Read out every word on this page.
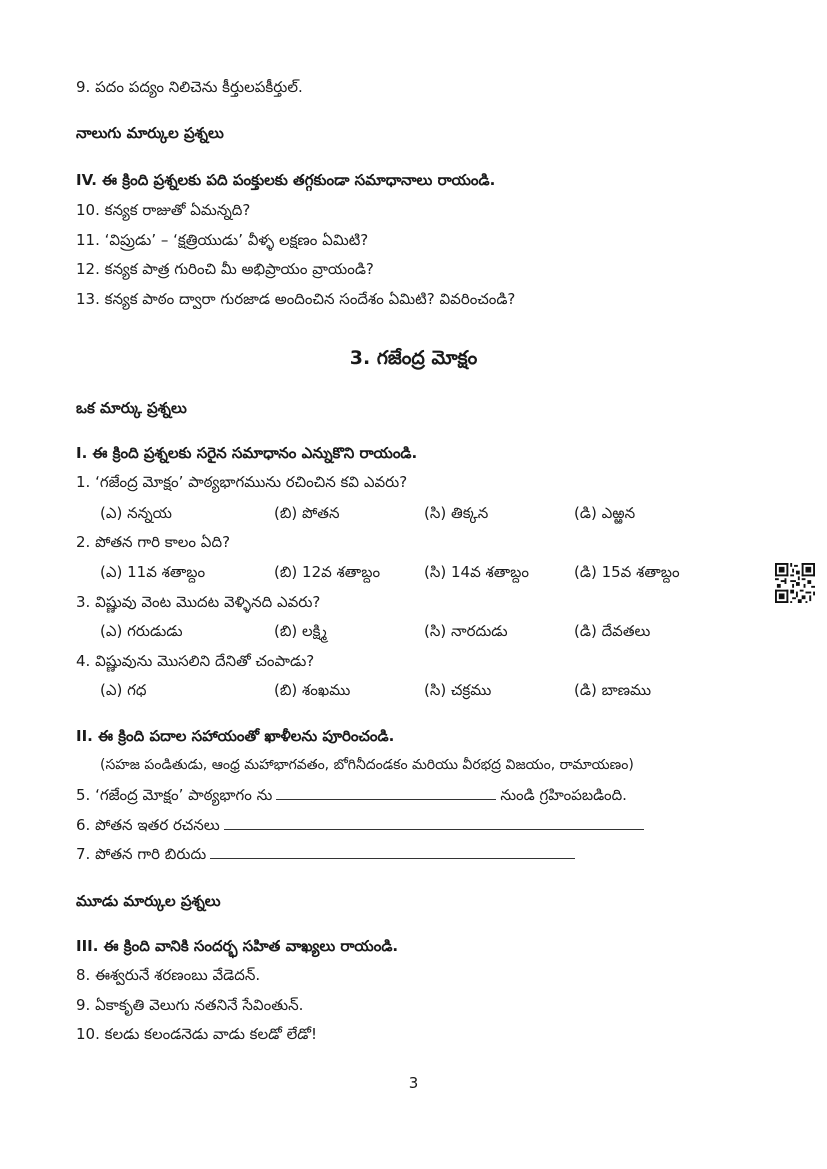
9. పదం పద్యం నిలిచెను కీర్తులపకీర్తుల్.
నాలుగు మార్కుల ప్రశ్నలు
IV. ఈ క్రింది ప్రశ్నలకు పది పంక్తులకు తగ్గకుండా సమాధానాలు రాయండి.
10. కన్యక రాజుతో ఏమన్నది?
11. ‘విప్రుడు’ – ‘క్షత్రియుడు’ వీళ్ళ లక్షణం ఏమిటి?
12. కన్యక పాత్ర గురించి మీ అభిప్రాయం వ్రాయండి?
13. కన్యక పాఠం ద్వారా గురజాడ అందించిన సందేశం ఏమిటి? వివరించండి?
3. గజేంద్ర మోక్షం
ఒక మార్కు ప్రశ్నలు
I. ఈ క్రింది ప్రశ్నలకు సరైన సమాధానం ఎన్నుకొని రాయండి.
1. ‘గజేంద్ర మోక్షం’ పాఠ్యభాగమును రచించిన కవి ఎవరు?
(ఎ) నన్నయ	(బి) పోతన	(సి) తిక్కన	(డి) ఎఱ్ఱన
2. పోతన గారి కాలం ఏది?
(ఎ) 11వ శతాబ్దం	(బి) 12వ శతాబ్దం	(సి) 14వ శతాబ్దం	(డి) 15వ శతాబ్దం
3. విష్ణువు వెంట మొదట వెళ్ళినది ఎవరు?
(ఎ) గరుడుడు	(బి) లక్ష్మి	(సి) నారదుడు	(డి) దేవతలు
4. విష్ణువును మొసలిని దేనితో చంపాడు?
(ఎ) గధ	(బి) శంఖము	(సి) చక్రము	(డి) బాణము
II. ఈ క్రింది పదాల సహాయంతో ఖాళీలను పూరించండి.
(సహజ పండితుడు, ఆంధ్ర మహాభాగవతం, బోగినీదండకం మరియు వీరభద్ర విజయం, రామాయణం)
5. ‘గజేంద్ర మోక్షం’ పాఠ్యభాగం ను	నుండి గ్రహింపబడింది.
6. పోతన ఇతర రచనలు
7. పోతన గారి బిరుదు
మూడు మార్కుల ప్రశ్నలు
III. ఈ క్రింది వానికి సందర్భ సహిత వాఖ్యలు రాయండి.
8. ఈశ్వరునే శరణంబు వేడెదన్.
9. ఏకాకృతి వెలుగు నతనినే సేవింతున్.
10. కలడు కలండనెడు వాడు కలడో లేడో!
3
